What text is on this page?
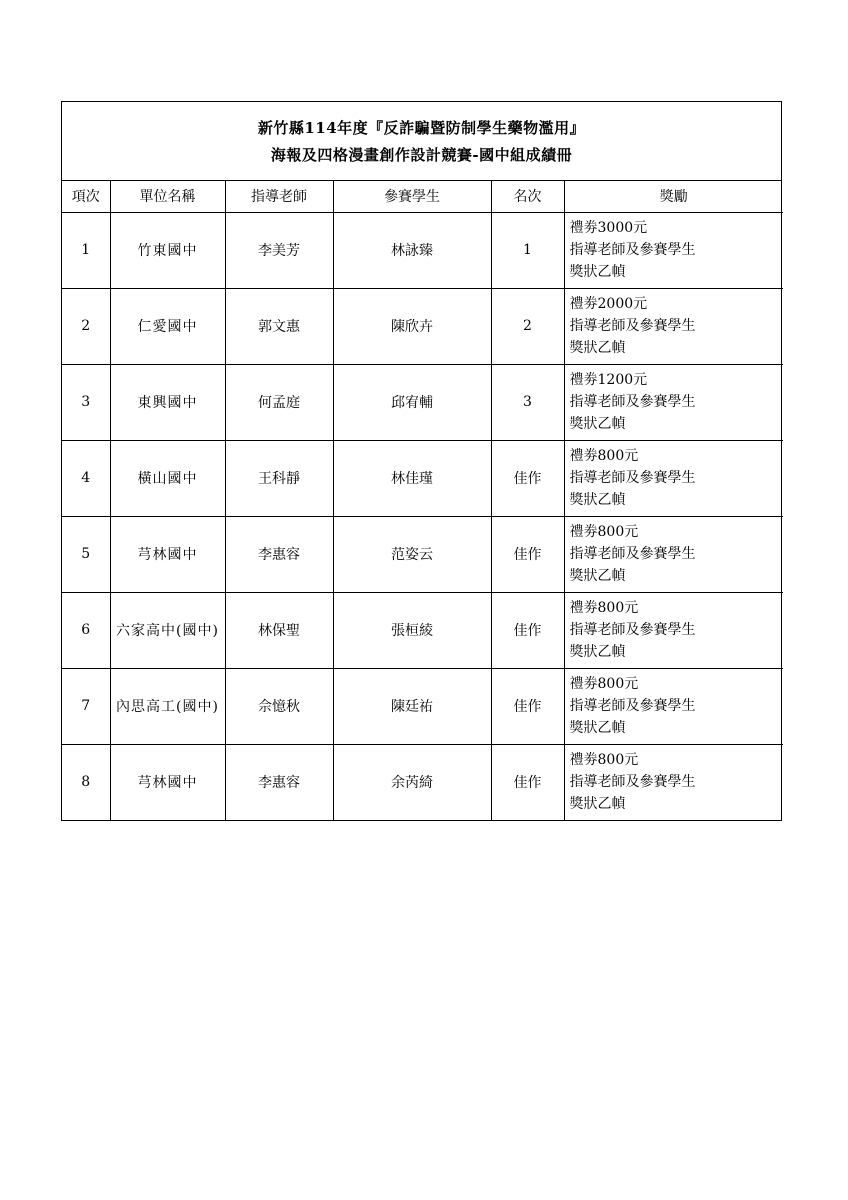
新竹縣114年度『反詐騙暨防制學生藥物濫用』
海報及四格漫畫創作設計競賽-國中組成績冊
項次	單位名稱	指導老師	參賽學生	名次	獎勵
1	竹東國中	李美芳	林詠臻	1	禮劵3000元
指導老師及參賽學生
獎狀乙幀

2	仁愛國中	郭文惠	陳欣卉	2	禮劵2000元
指導老師及參賽學生
獎狀乙幀

3	東興國中	何孟庭	邱宥輔	3	禮劵1200元
指導老師及參賽學生
獎狀乙幀

4	橫山國中	王科靜	林佳瑾	佳作	禮劵800元
指導老師及參賽學生
獎狀乙幀

5	芎林國中	李惠容	范姿云	佳作	禮劵800元
指導老師及參賽學生
獎狀乙幀

6	六家高中(國中)	林保聖	張桓綾	佳作	禮劵800元
指導老師及參賽學生
獎狀乙幀

7	內思高工(國中)	佘憶秋	陳廷祐	佳作	禮劵800元
指導老師及參賽學生
獎狀乙幀

8	芎林國中	李惠容	余芮綺	佳作	禮劵800元
指導老師及參賽學生
獎狀乙幀
